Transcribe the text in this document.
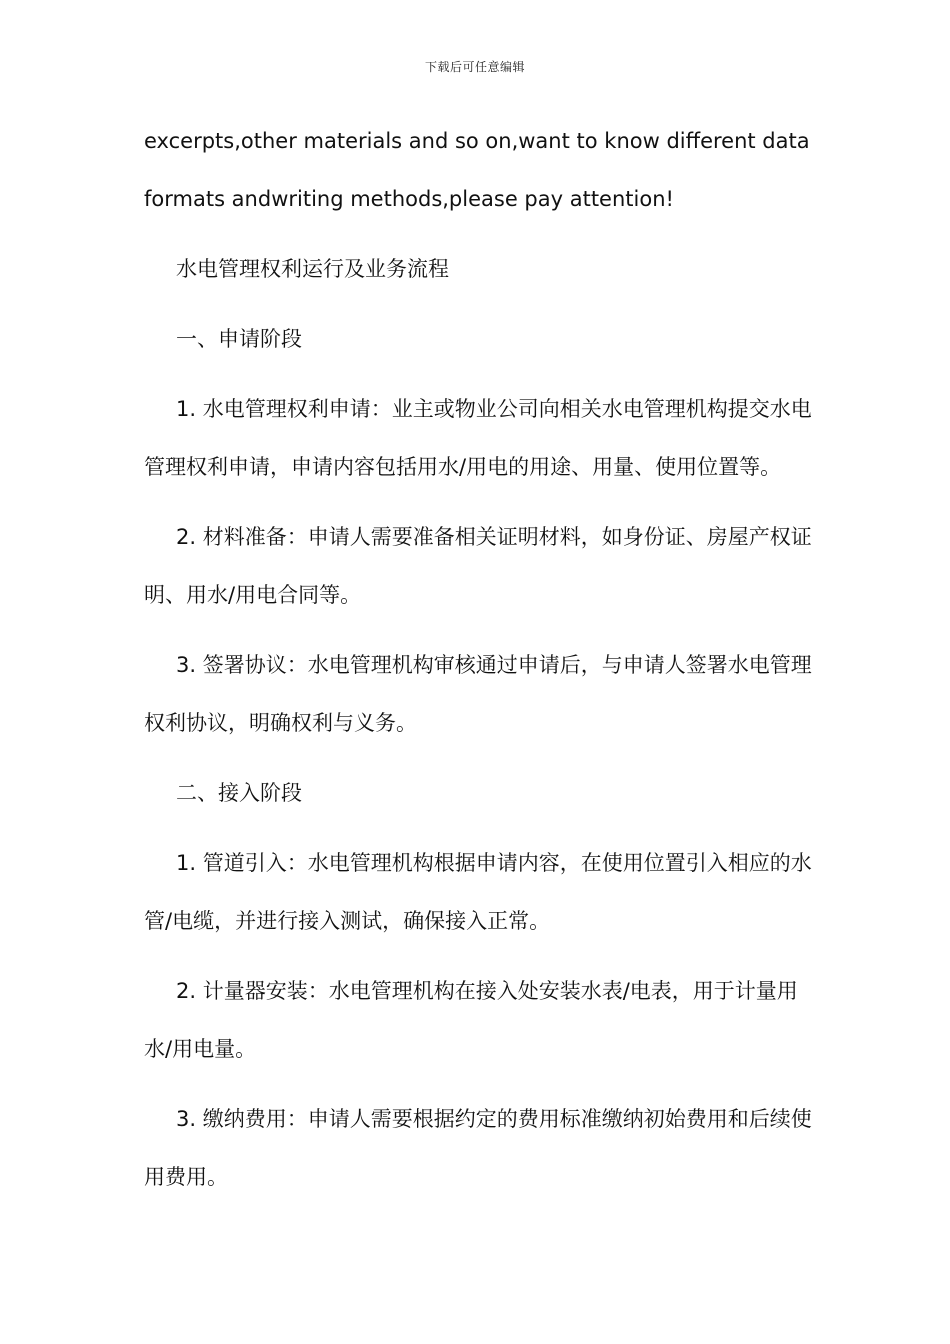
下载后可任意编辑

excerpts,other materials and so on,want to know different data

formats andwriting methods,please pay attention!

水电管理权利运行及业务流程

一、申请阶段

1. 水电管理权利申请：业主或物业公司向相关水电管理机构提交水电

管理权利申请，申请内容包括用水/用电的用途、用量、使用位置等。

2. 材料准备：申请人需要准备相关证明材料，如身份证、房屋产权证

明、用水/用电合同等。

3. 签署协议：水电管理机构审核通过申请后，与申请人签署水电管理

权利协议，明确权利与义务。

二、接入阶段

1. 管道引入：水电管理机构根据申请内容，在使用位置引入相应的水

管/电缆，并进行接入测试，确保接入正常。

2. 计量器安装：水电管理机构在接入处安装水表/电表，用于计量用

水/用电量。

3. 缴纳费用：申请人需要根据约定的费用标准缴纳初始费用和后续使

用费用。
